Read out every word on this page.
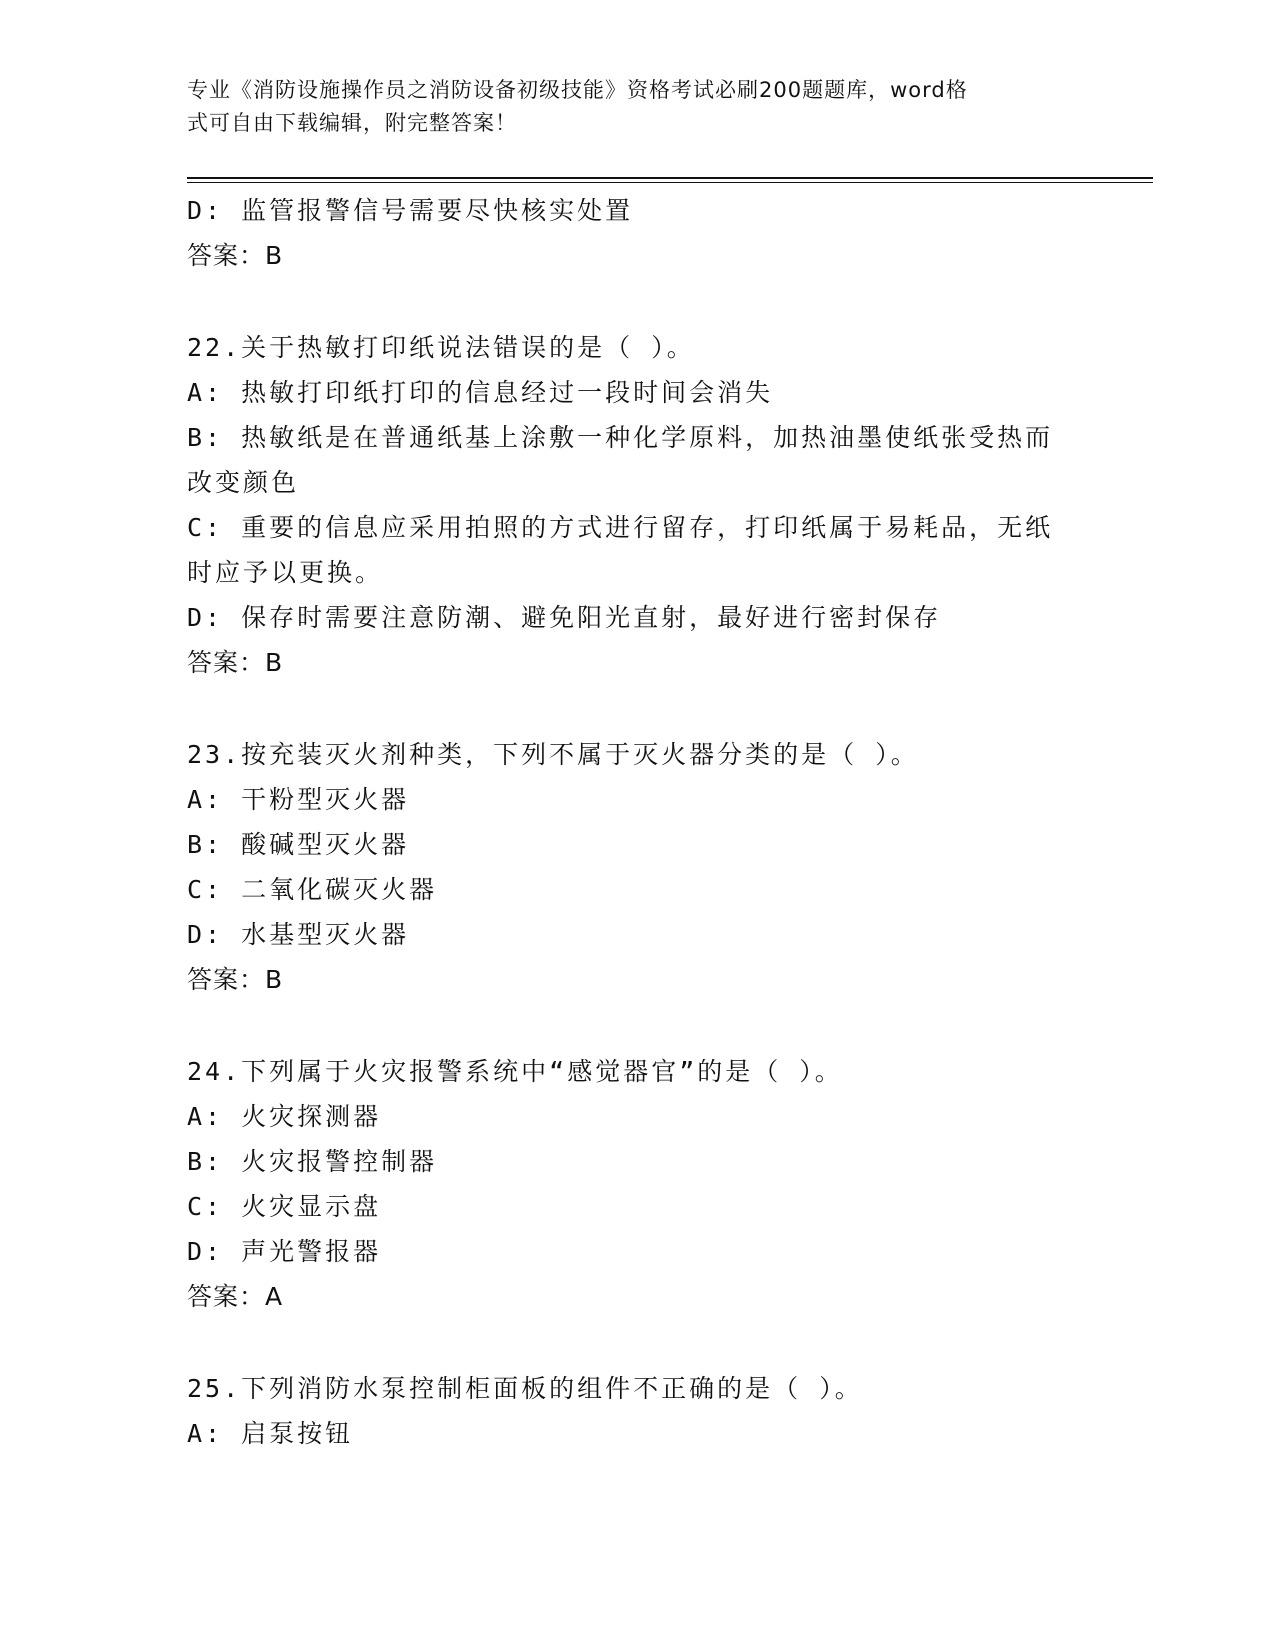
专业《消防设施操作员之消防设备初级技能》资格考试必刷200题题库，word格
式可自由下载编辑，附完整答案！
D: 监管报警信号需要尽快核实处置
答案：B
22.关于热敏打印纸说法错误的是（ ）。
A: 热敏打印纸打印的信息经过一段时间会消失
B: 热敏纸是在普通纸基上涂敷一种化学原料，加热油墨使纸张受热而
改变颜色
C: 重要的信息应采用拍照的方式进行留存，打印纸属于易耗品，无纸
时应予以更换。
D: 保存时需要注意防潮、避免阳光直射，最好进行密封保存
答案：B
23.按充装灭火剂种类，下列不属于灭火器分类的是（ ）。
A: 干粉型灭火器
B: 酸碱型灭火器
C: 二氧化碳灭火器
D: 水基型灭火器
答案：B
24.下列属于火灾报警系统中“感觉器官”的是（ ）。
A: 火灾探测器
B: 火灾报警控制器
C: 火灾显示盘
D: 声光警报器
答案：A
25.下列消防水泵控制柜面板的组件不正确的是（ ）。
A: 启泵按钮
